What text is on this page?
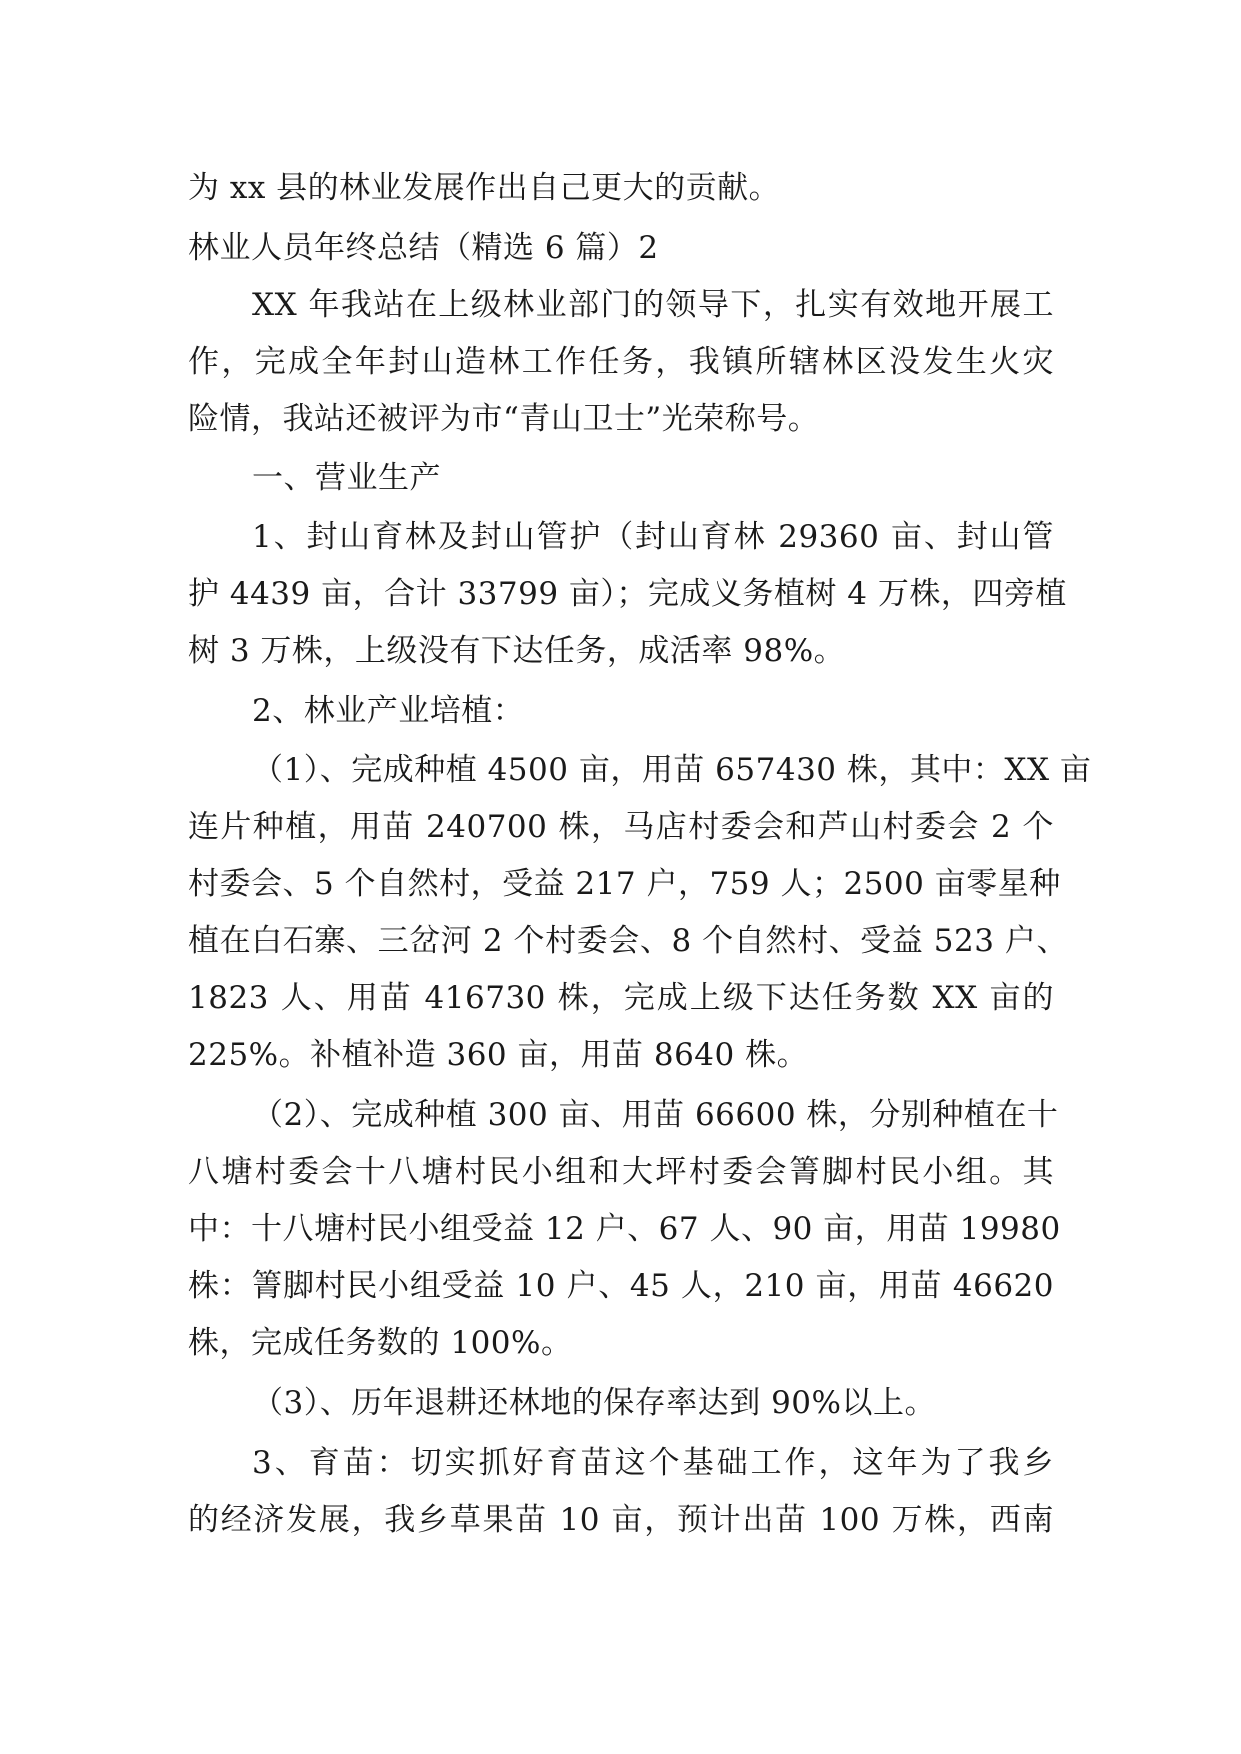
为 xx 县的林业发展作出自己更大的贡献。
林业人员年终总结（精选 6 篇）2
XX 年我站在上级林业部门的领导下，扎实有效地开展工
作，完成全年封山造林工作任务，我镇所辖林区没发生火灾
险情，我站还被评为市“青山卫士”光荣称号。
一、营业生产
1、封山育林及封山管护（封山育林 29360 亩、封山管
护 4439 亩，合计 33799 亩）；完成义务植树 4 万株，四旁植
树 3 万株，上级没有下达任务，成活率 98%。
2、林业产业培植：
（1）、完成种植 4500 亩，用苗 657430 株，其中：XX 亩
连片种植，用苗 240700 株，马店村委会和芦山村委会 2 个
村委会、5 个自然村，受益 217 户，759 人；2500 亩零星种
植在白石寨、三岔河 2 个村委会、8 个自然村、受益 523 户、
1823 人、用苗 416730 株，完成上级下达任务数 XX 亩的
225%。补植补造 360 亩，用苗 8640 株。
（2）、完成种植 300 亩、用苗 66600 株，分别种植在十
八塘村委会十八塘村民小组和大坪村委会箐脚村民小组。其
中：十八塘村民小组受益 12 户、67 人、90 亩，用苗 19980
株：箐脚村民小组受益 10 户、45 人，210 亩，用苗 46620
株，完成任务数的 100%。
（3）、历年退耕还林地的保存率达到 90%以上。
3、育苗：切实抓好育苗这个基础工作，这年为了我乡
的经济发展，我乡草果苗 10 亩，预计出苗 100 万株，西南
